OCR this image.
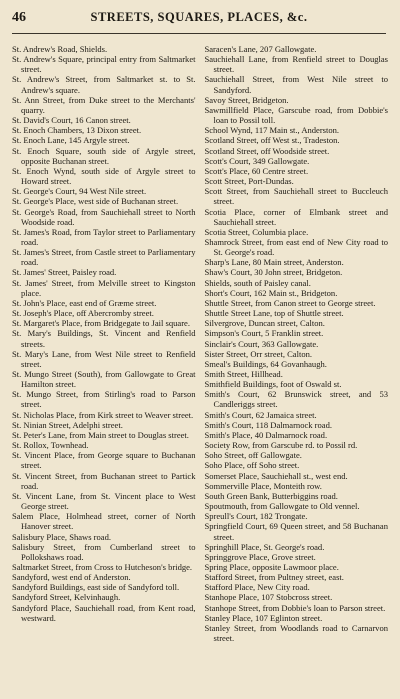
46	STREETS, SQUARES, PLACES, &c.
St. Andrew's Road, Shields.
St. Andrew's Square, principal entry from Saltmarket street.
St. Andrew's Street, from Saltmarket st. to St. Andrew's square.
St. Ann Street, from Duke street to the Merchants' quarry.
St. David's Court, 16 Canon street.
St. Enoch Chambers, 13 Dixon street.
St. Enoch Lane, 145 Argyle street.
St. Enoch Square, south side of Argyle street, opposite Buchanan street.
St. Enoch Wynd, south side of Argyle street to Howard street.
St. George's Court, 94 West Nile street.
St. George's Place, west side of Buchanan street.
St. George's Road, from Sauchiehall street to North Woodside road.
St. James's Road, from Taylor street to Parliamentary road.
St. James's Street, from Castle street to Parliamentary road.
St. James' Street, Paisley road.
St. James' Street, from Melville street to Kingston place.
St. John's Place, east end of Græme street.
St. Joseph's Place, off Abercromby street.
St. Margaret's Place, from Bridgegate to Jail square.
St. Mary's Buildings, St. Vincent and Renfield streets.
St. Mary's Lane, from West Nile street to Renfield street.
St. Mungo Street (South), from Gallowgate to Great Hamilton street.
St. Mungo Street, from Stirling's road to Parson street.
St. Nicholas Place, from Kirk street to Weaver street.
St. Ninian Street, Adelphi street.
St. Peter's Lane, from Main street to Douglas street.
St. Rollox, Townhead.
St. Vincent Place, from George square to Buchanan street.
St. Vincent Street, from Buchanan street to Partick road.
St. Vincent Lane, from St. Vincent place to West George street.
Salem Place, Holmhead street, corner of North Hanover street.
Salisbury Place, Shaws road.
Salisbury Street, from Cumberland street to Pollokshaws road.
Saltmarket Street, from Cross to Hutcheson's bridge.
Sandyford, west end of Anderston.
Sandyford Buildings, east side of Sandyford toll.
Sandyford Street, Kelvinhaugh.
Sandyford Place, Sauchiehall road, from Kent road, westward.
Saracen's Lane, 207 Gallowgate.
Sauchiehall Lane, from Renfield street to Douglas street.
Sauchiehall Street, from West Nile street to Sandyford.
Savoy Street, Bridgeton.
Sawmillfield Place, Garscube road, from Dobbie's loan to Possil toll.
School Wynd, 117 Main st., Anderston.
Scotland Street, off West st., Tradeston.
Scotland Street, off Woodside street.
Scott's Court, 349 Gallowgate.
Scott's Place, 60 Centre street.
Scott Street, Port-Dundas.
Scott Street, from Sauchiehall street to Buccleuch street.
Scotia Place, corner of Elmbank street and Sauchiehall street.
Scotia Street, Columbia place.
Shamrock Street, from east end of New City road to St. George's road.
Sharp's Lane, 80 Main street, Anderston.
Shaw's Court, 30 John street, Bridgeton.
Shields, south of Paisley canal.
Short's Court, 162 Main st., Bridgeton.
Shuttle Street, from Canon street to George street.
Shuttle Street Lane, top of Shuttle street.
Silvergrove, Duncan street, Calton.
Simpson's Court, 5 Franklin street.
Sinclair's Court, 363 Gallowgate.
Sister Street, Orr street, Calton.
Smeal's Buildings, 64 Govanhaugh.
Smith Street, Hillhead.
Smithfield Buildings, foot of Oswald st.
Smith's Court, 62 Brunswick street, and 53 Candleriggs street.
Smith's Court, 62 Jamaica street.
Smith's Court, 118 Dalmarnock road.
Smith's Place, 40 Dalmarnock road.
Society Row, from Garscube rd. to Possil rd.
Soho Street, off Gallowgate.
Soho Place, off Soho street.
Somerset Place, Sauchiehall st., west end.
Sommerville Place, Monteith row.
South Green Bank, Butterbiggins road.
Spoutmouth, from Gallowgate to Old vennel.
Spreull's Court, 182 Trongate.
Springfield Court, 69 Queen street, and 58 Buchanan street.
Springhill Place, St. George's road.
Springgrove Place, Grove street.
Spring Place, opposite Lawmoor place.
Stafford Street, from Pultney street, east.
Stafford Place, New City road.
Stanhope Place, 107 Stobcross street.
Stanhope Street, from Dobbie's loan to Parson street.
Stanley Place, 107 Eglinton street.
Stanley Street, from Woodlands road to Carnarvon street.
